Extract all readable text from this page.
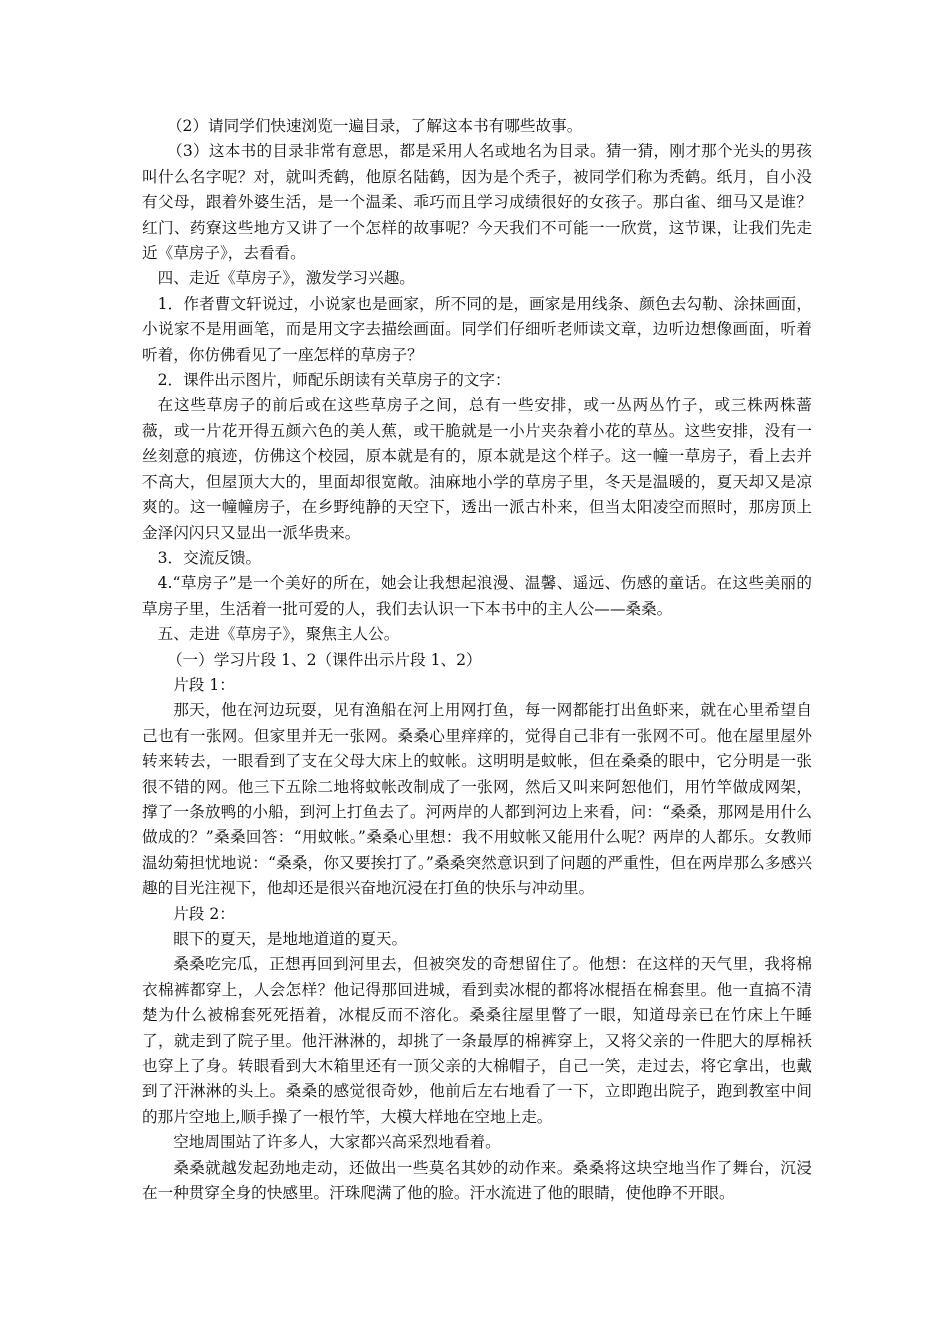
（2）请同学们快速浏览一遍目录，了解这本书有哪些故事。

（3）这本书的目录非常有意思，都是采用人名或地名为目录。猜一猜，刚才那个光头的男孩叫什么名字呢？对，就叫秃鹤，他原名陆鹤，因为是个秃子，被同学们称为秃鹤。纸月，自小没有父母，跟着外婆生活，是一个温柔、乖巧而且学习成绩很好的女孩子。那白雀、细马又是谁？红门、药寮这些地方又讲了一个怎样的故事呢？今天我们不可能一一欣赏，这节课，让我们先走近《草房子》，去看看。

四、走近《草房子》，激发学习兴趣。

1．作者曹文轩说过，小说家也是画家，所不同的是，画家是用线条、颜色去勾勒、涂抹画面，小说家不是用画笔，而是用文字去描绘画面。同学们仔细听老师读文章，边听边想像画面，听着听着，你仿佛看见了一座怎样的草房子？

2．课件出示图片，师配乐朗读有关草房子的文字：

在这些草房子的前后或在这些草房子之间，总有一些安排，或一丛两丛竹子，或三株两株蔷薇，或一片花开得五颜六色的美人蕉，或干脆就是一小片夹杂着小花的草丛。这些安排，没有一丝刻意的痕迹，仿佛这个校园，原本就是有的，原本就是这个样子。这一幢一草房子，看上去并不高大，但屋顶大大的，里面却很宽敞。油麻地小学的草房子里，冬天是温暖的，夏天却又是凉爽的。这一幢幢房子，在乡野纯静的天空下，透出一派古朴来，但当太阳凌空而照时，那房顶上金泽闪闪只又显出一派华贵来。

3．交流反馈。

4.“草房子”是一个美好的所在，她会让我想起浪漫、温馨、遥远、伤感的童话。在这些美丽的草房子里，生活着一批可爱的人，我们去认识一下本书中的主人公——桑桑。

五、走进《草房子》，聚焦主人公。

（一）学习片段 1、2（课件出示片段 1、2）

片段 1：

那天，他在河边玩耍，见有渔船在河上用网打鱼，每一网都能打出鱼虾来，就在心里希望自己也有一张网。但家里并无一张网。桑桑心里痒痒的，觉得自己非有一张网不可。他在屋里屋外转来转去，一眼看到了支在父母大床上的蚊帐。这明明是蚊帐，但在桑桑的眼中，它分明是一张很不错的网。他三下五除二地将蚊帐改制成了一张网，然后又叫来阿恕他们，用竹竿做成网架，撑了一条放鸭的小船，到河上打鱼去了。河两岸的人都到河边上来看，问：“桑桑，那网是用什么做成的？”桑桑回答：“用蚊帐。”桑桑心里想：我不用蚊帐又能用什么呢？两岸的人都乐。女教师温幼菊担忧地说：“桑桑，你又要挨打了。”桑桑突然意识到了问题的严重性，但在两岸那么多感兴趣的目光注视下，他却还是很兴奋地沉浸在打鱼的快乐与冲动里。

片段 2：

眼下的夏天，是地地道道的夏天。

桑桑吃完瓜，正想再回到河里去，但被突发的奇想留住了。他想：在这样的天气里，我将棉衣棉裤都穿上，人会怎样？他记得那回进城，看到卖冰棍的都将冰棍捂在棉套里。他一直搞不清楚为什么被棉套死死捂着，冰棍反而不溶化。桑桑往屋里瞥了一眼，知道母亲已在竹床上午睡了，就走到了院子里。他汗淋淋的，却挑了一条最厚的棉裤穿上，又将父亲的一件肥大的厚棉袄也穿上了身。转眼看到大木箱里还有一顶父亲的大棉帽子，自己一笑，走过去，将它拿出，也戴到了汗淋淋的头上。桑桑的感觉很奇妙，他前后左右地看了一下，立即跑出院子，跑到教室中间的那片空地上,顺手操了一根竹竿，大模大样地在空地上走。

空地周围站了许多人，大家都兴高采烈地看着。

桑桑就越发起劲地走动，还做出一些莫名其妙的动作来。桑桑将这块空地当作了舞台，沉浸在一种贯穿全身的快感里。汗珠爬满了他的脸。汗水流进了他的眼睛，使他睁不开眼。
